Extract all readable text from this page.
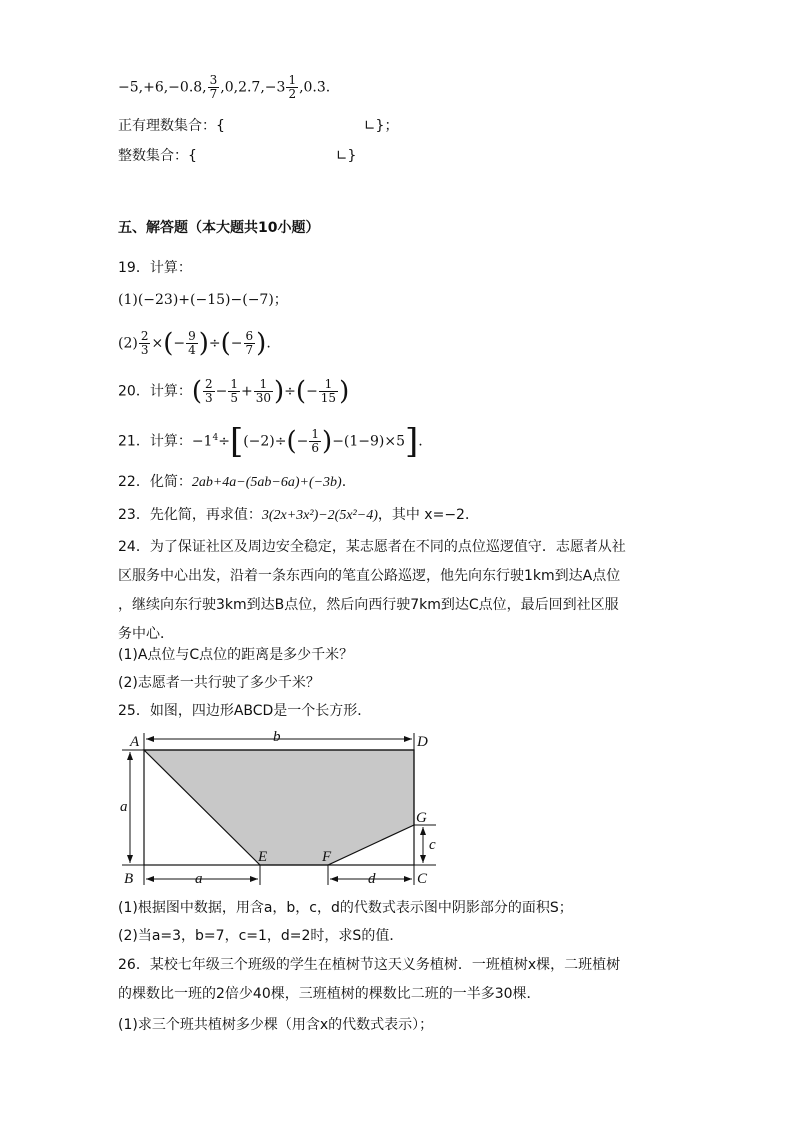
−5,+6,−0.8, $\frac{3}{7} ,0,2.7,-3 \frac{1}{2}$ ,0.3̇.
正有理数集合：{	∟}；
整数集合：{	∟}
五、解答题（本大题共10小题）
19．计算：
(1)(−23)+(−15)−(−7)；
$(2) \frac{2}{3}$ ×(− $\frac{9}{4}$ )÷(− $\frac{6}{7}$ ).
20．计算：( $\frac{2}{3} - \frac{1}{5} + \frac{1}{30}$ )÷(− $\frac{1}{15}$ )
21．计算：$-1^4\div[(-2)\div(- \frac{1}{6} )-(1-9)\times 5]$.
22．化简：2ab+4a−(5ab−6a)+(−3b).
23．先化简，再求值：3(2x+3x²)−2(5x²−4)，其中 x=−2．
24．为了保证社区及周边安全稳定，某志愿者在不同的点位巡逻值守．志愿者从社
区服务中心出发，沿着一条东西向的笔直公路巡逻，他先向东行驶1km到达A点位
，继续向东行驶3km到达B点位，然后向西行驶7km到达C点位，最后回到社区服
务中心．
(1)A点位与C点位的距离是多少千米？
(2)志愿者一共行驶了多少千米？
25．如图，四边形ABCD是一个长方形．
A	D
B	C
E	F
G
b
a
a	d
c
(1)根据图中数据，用含a，b，c，d的代数式表示图中阴影部分的面积S；
(2)当a=3，b=7，c=1，d=2时，求S的值．
26．某校七年级三个班级的学生在植树节这天义务植树．一班植树x棵，二班植树
的棵数比一班的2倍少40棵，三班植树的棵数比二班的一半多30棵．
(1)求三个班共植树多少棵（用含x的代数式表示）；
